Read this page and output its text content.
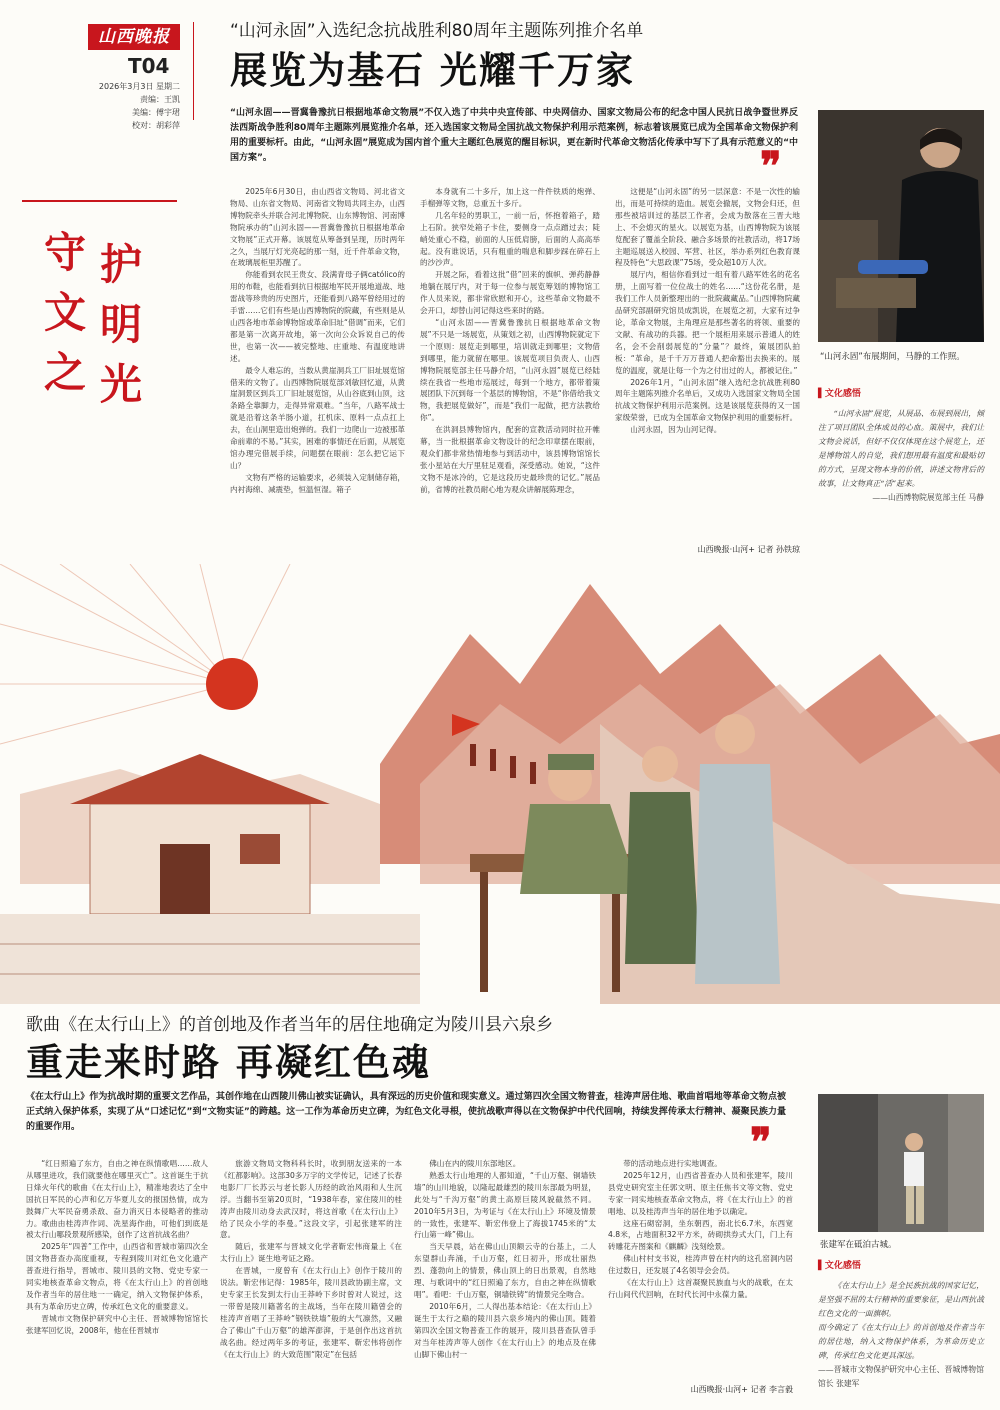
山西晚报
T04
2026年3月3日 星期二
责编：王凯
美编：傅宇珺
校对：胡彩萍
守 护
文 明
之 光
“山河永固”入选纪念抗战胜利80周年主题陈列推介名单
展览为基石 光耀千万家
“山河永固——晋冀鲁豫抗日根据地革命文物展”不仅入选了中共中央宣传部、中央网信办、国家文物局公布的纪念中国人民抗日战争暨世界反法西斯战争胜利80周年主题陈列展览推介名单，还入选国家文物局全国抗战文物保护利用示范案例，标志着该展览已成为全国革命文物保护利用的重要标杆。由此，“山河永固”展览成为国内首个重大主题红色展览的醒目标识，更在新时代革命文物活化传承中写下了具有示范意义的“中国方案”。	❞
“山河永固”布展期间，马静的工作照。
▌文化感悟
“山河永固”展览，从展品、布展到展出，倾注了项目团队全体成员的心血。策展中，我们让文物会说话，但好不仅仅体现在这个展览上，还是博物馆人的自觉，我们想用最有温度和最贴切的方式，呈现文物本身的价值，讲述文物背后的故事，让文物真正“活”起来。
——山西博物院展览部主任 马静

2025年6月30日，由山西省文物局、河北省文物局、山东省文物局、河南省文物局共同主办，山西博物院牵头并联合河北博物院、山东博物馆、河南博物院承办的“山河永固——晋冀鲁豫抗日根据地革命文物展”正式开幕。该展览从筹备到呈现，历时两年之久，当展厅灯光亮起的那一刻，近千件革命文物，在玻璃展柜里苏醒了。

你能看到农民王贵女、段满青母子俩católico的用的布鞋，也能看到抗日根据地军民开展地道战、地雷战等珍贵的历史图片，还能看到八路军曾经用过的手雷……它们有些是山西博物院的院藏，有些则是从山西各地市革命博物馆或革命旧址“借调”而来，它们都是第一次离开故地，第一次向公众诉说自己的传世，也第一次——被完整地、庄重地、有温度地讲述。

最令人难忘的，当数从黄崖洞兵工厂旧址展览馆借来的文物了。山西博物院展览部刘敏回忆道，从黄崖洞景区到兵工厂旧址展览馆，从山谷底到山顶，这条路全靠脚力，走得异常艰难。“当年，八路军战士就是沿着这条羊肠小道，扛机床、原料一点点扛上去，在山洞里造出炮弹的。我们一边爬山一边被那革命前辈的不易。”其实，困难的事情还在后面，从展览馆办理完借展手续，问题摆在眼前：怎么把它运下山？

文物有严格的运输要求，必须装入定制储存箱，内衬海绵、减震垫，恒温恒湿。箱子

本身就有二十多斤，加上这一件件铁质的炮弹、手榴弹等文物，总重五十多斤。

几名年轻的男职工，一前一后，怀抱着箱子，踏上石阶。狭窄处箱子卡住，要侧身一点点蹭过去；陡峭处重心不稳，前面的人压低肩膀，后面的人高高举起。没有谁说话，只有粗重的喘息和脚步踩在碎石上的沙沙声。

开展之际，看着这批“借”回来的旗帜、弹药静静地躺在展厅内，对于每一位参与展览筹划的博物馆工作人员来说，都非常欣慰和开心，这些革命文物最不会开口，却替山河记得这些来时的路。

“山河永固——晋冀鲁豫抗日根据地革命文物展”不只是一场展览，从策划之初，山西博物院就定下一个原则：展览走到哪里，培训就走到哪里；文物借到哪里，能力就留在哪里。该展览项目负责人、山西博物院展览部主任马静介绍，“山河永固”展览已经陆续在我省一些地市巡展过，每到一个地方，都带着策展团队下沉到每一个基层的博物馆，不是“你借给我文物，我把展览做好”，而是“我们一起做，把方法教给你”。

在洪洞县博物馆内，配套的宣教活动同时拉开帷幕，当一批根据革命文物设计的纪念印章摆在眼前，观众们都非常热情地参与到活动中，该县博物馆馆长张小星站在大厅里驻足观看，深受感动。她说，“这件文物不是冰冷的，它是这段历史最珍贵的记忆。”展品前，省博的社教员耐心地为观众讲解展陈理念，

这便是“山河永固”的另一层深意：不是一次性的输出，而是可持续的造血。展览会撤展，文物会归还，但那些被培训过的基层工作者，会成为散落在三晋大地上、不会熄灭的星火。以展览为基，山西博物院为该展览配套了覆盖全阶段、融合多场景的社教活动，将17场主题巡展送入校园、军营、社区，举办系列红色教育课程及特色“大思政课”75场，受众超10万人次。

展厅内，相信你看到过一组有着八路军姓名的花名册，上面写着一位位战士的姓名……“这份花名册，是我们工作人员新整理出的一批院藏藏品。”山西博物院藏品研究部副研究馆员成凯说，在展览之初，大家有过争论，革命文物展，主角理应是那些著名的将领、重要的文献、有战功的兵器。把一个展柜用来展示普通人的姓名，会不会削弱展览的“分量”？最终，策展团队拍板：“革命，是千千万万普通人把命豁出去换来的。展览的温度，就是让每一个为之付出过的人，都被记住。”

2026年1月，“山河永固”继入选纪念抗战胜利80周年主题陈列推介名单后，又成功入选国家文物局全国抗战文物保护利用示范案例。这是该展览获得的又一国家级荣誉，已成为全国革命文物保护利用的重要标杆。

山河永固，因为山河记得。

山西晚报·山河+ 记者 孙铁琼
歌曲《在太行山上》的首创地及作者当年的居住地确定为陵川县六泉乡
重走来时路 再凝红色魂
《在太行山上》作为抗战时期的重要文艺作品，其创作地在山西陵川佛山被实证确认，具有深远的历史价值和现实意义。通过第四次全国文物普查，桂涛声居住地、歌曲首唱地等革命文物点被正式纳入保护体系，实现了从“口述记忆”到“文物实证”的跨越。这一工作为革命历史立碑，为红色文化寻根，使抗战歌声得以在文物保护中代代回响，持续发挥传承太行精神、凝聚民族力量的重要作用。	❞
张建军在砥泊古城。
▌文化感悟
《在太行山上》是全民族抗战的国家记忆，是坚强不屈的太行精神的重要象征，是山西抗战红色文化的一面旗帜。
而今确定了《在太行山上》的首创地及作者当年的居住地，纳入文物保护体系，为革命历史立碑，传承红色文化更具深远。
——晋城市文物保护研究中心主任、晋城博物馆馆长 张建军

“红日照遍了东方，自由之神在纵情歌唱……敌人从哪里进攻，我们就要他在哪里灭亡”。这首诞生于抗日烽火年代的歌曲《在太行山上》，精准地表达了全中国抗日军民的心声和亿万华夏儿女的报国热情，成为鼓舞广大军民奋勇杀敌、奋力消灭日本侵略者的推动力。歌曲由桂涛声作词、冼星海作曲，可他们到底是被太行山哪段景观所感染，创作了这首抗战名曲？

2025年“四普”工作中，山西省和晋城市第四次全国文物普查办高度重视，专程到陵川对红色文化遗产普查进行指导，晋城市、陵川县的文物、党史专家一同实地核查革命文物点，将《在太行山上》的首创地及作者当年的居住地一一确定，纳入文物保护体系，具有为革命历史立碑，传承红色文化的重要意义。

晋城市文物保护研究中心主任、晋城博物馆馆长张建军回忆说，2008年，他在任晋城市

旅游文物局文物科科长时，收到朋友送来的一本《红都影响》。这部30多万字的文学传记，记述了长春电影厂厂长苏云与老长影人历经的政治风雨和人生沉浮。当翻书至第20页时，“1938年春，家住陵川的桂涛声由陵川动身去武汉时，将这首歌《在太行山上》给了民众小学的李曼。”这段文字，引起张建军的注意。

随后，张建军与晋城文化学者靳宏伟商量上《在太行山上》诞生地考证之路。

在晋城，一度曾有《在太行山上》创作于陵川的说法。靳宏伟记得：1985年，陵川县政协副主席，文史专家王长发到太行山王莽岭下乡时曾对人说过，这一带曾是陵川籍著名的主战场，当年在陵川籍曾会的桂涛声首唱了王莽岭“钢铁铁墙”般的大气凛然，又融合了佛山“千山万壑”的雄浑澎湃，于是创作出这首抗战名曲。经过两年多的考证，张建军、靳宏伟将创作《在太行山上》的大致范围“限定”在包括

佛山在内的陵川东部地区。

熟悉太行山地理的人都知道，“千山万壑、铜墙铁墙”的山川地貌，以隆起最雄烈的陵川东部最为明显，此处与“千沟万壑”的黄土高原巨陵风貌截然不同。2010年5月3日，为考证与《在太行山上》环境及情景的一致性，张建军、靳宏伟登上了海拔1745米的“太行山第一峰”佛山。

当天早晨，站在佛山山顶额云寺的台基上，二人东望群山奔涌，千山万壑，红日初升，形成壮丽热烈、蓬勃向上的情景，佛山顶上的日出景观，自然地理、与歌词中的“红日照遍了东方，自由之神在纵情歌唱”。看吧：千山万壑，铜墙铁铸“的情景完全吻合。

2010年6月，二人得出基本结论：《在太行山上》诞生于太行之巅的陵川县六泉乡境内的佛山顶。随着第四次全国文物普查工作的展开，陵川县普查队曾手对当年桂涛声等人创作《在太行山上》的地点及在佛山脚下佛山村一

带的活动地点进行实地调查。

2025年12月，山西省普查办人员和张建军，陵川县党史研究室主任郭文明、原主任焦书文等文物、党史专家一同实地核查革命文物点，将《在太行山上》的首唱地、以及桂涛声当年的居住地予以确定。

这座石砌窑洞，坐东朝西，南北长6.7米，东西宽4.8米，占地面积32平方米，砖砌拱券式大门，门上有砖雕花卉图案和《麒麟》浅刻绘景。

佛山村村支书说，桂涛声曾在村内的这孔窑洞内居住过数日，还发展了4名领导会会员。

《在太行山上》这首凝聚民族血与火的战歌，在太行山间代代回响，在时代长河中永葆力量。

山西晚报·山河+ 记者 李言毅
